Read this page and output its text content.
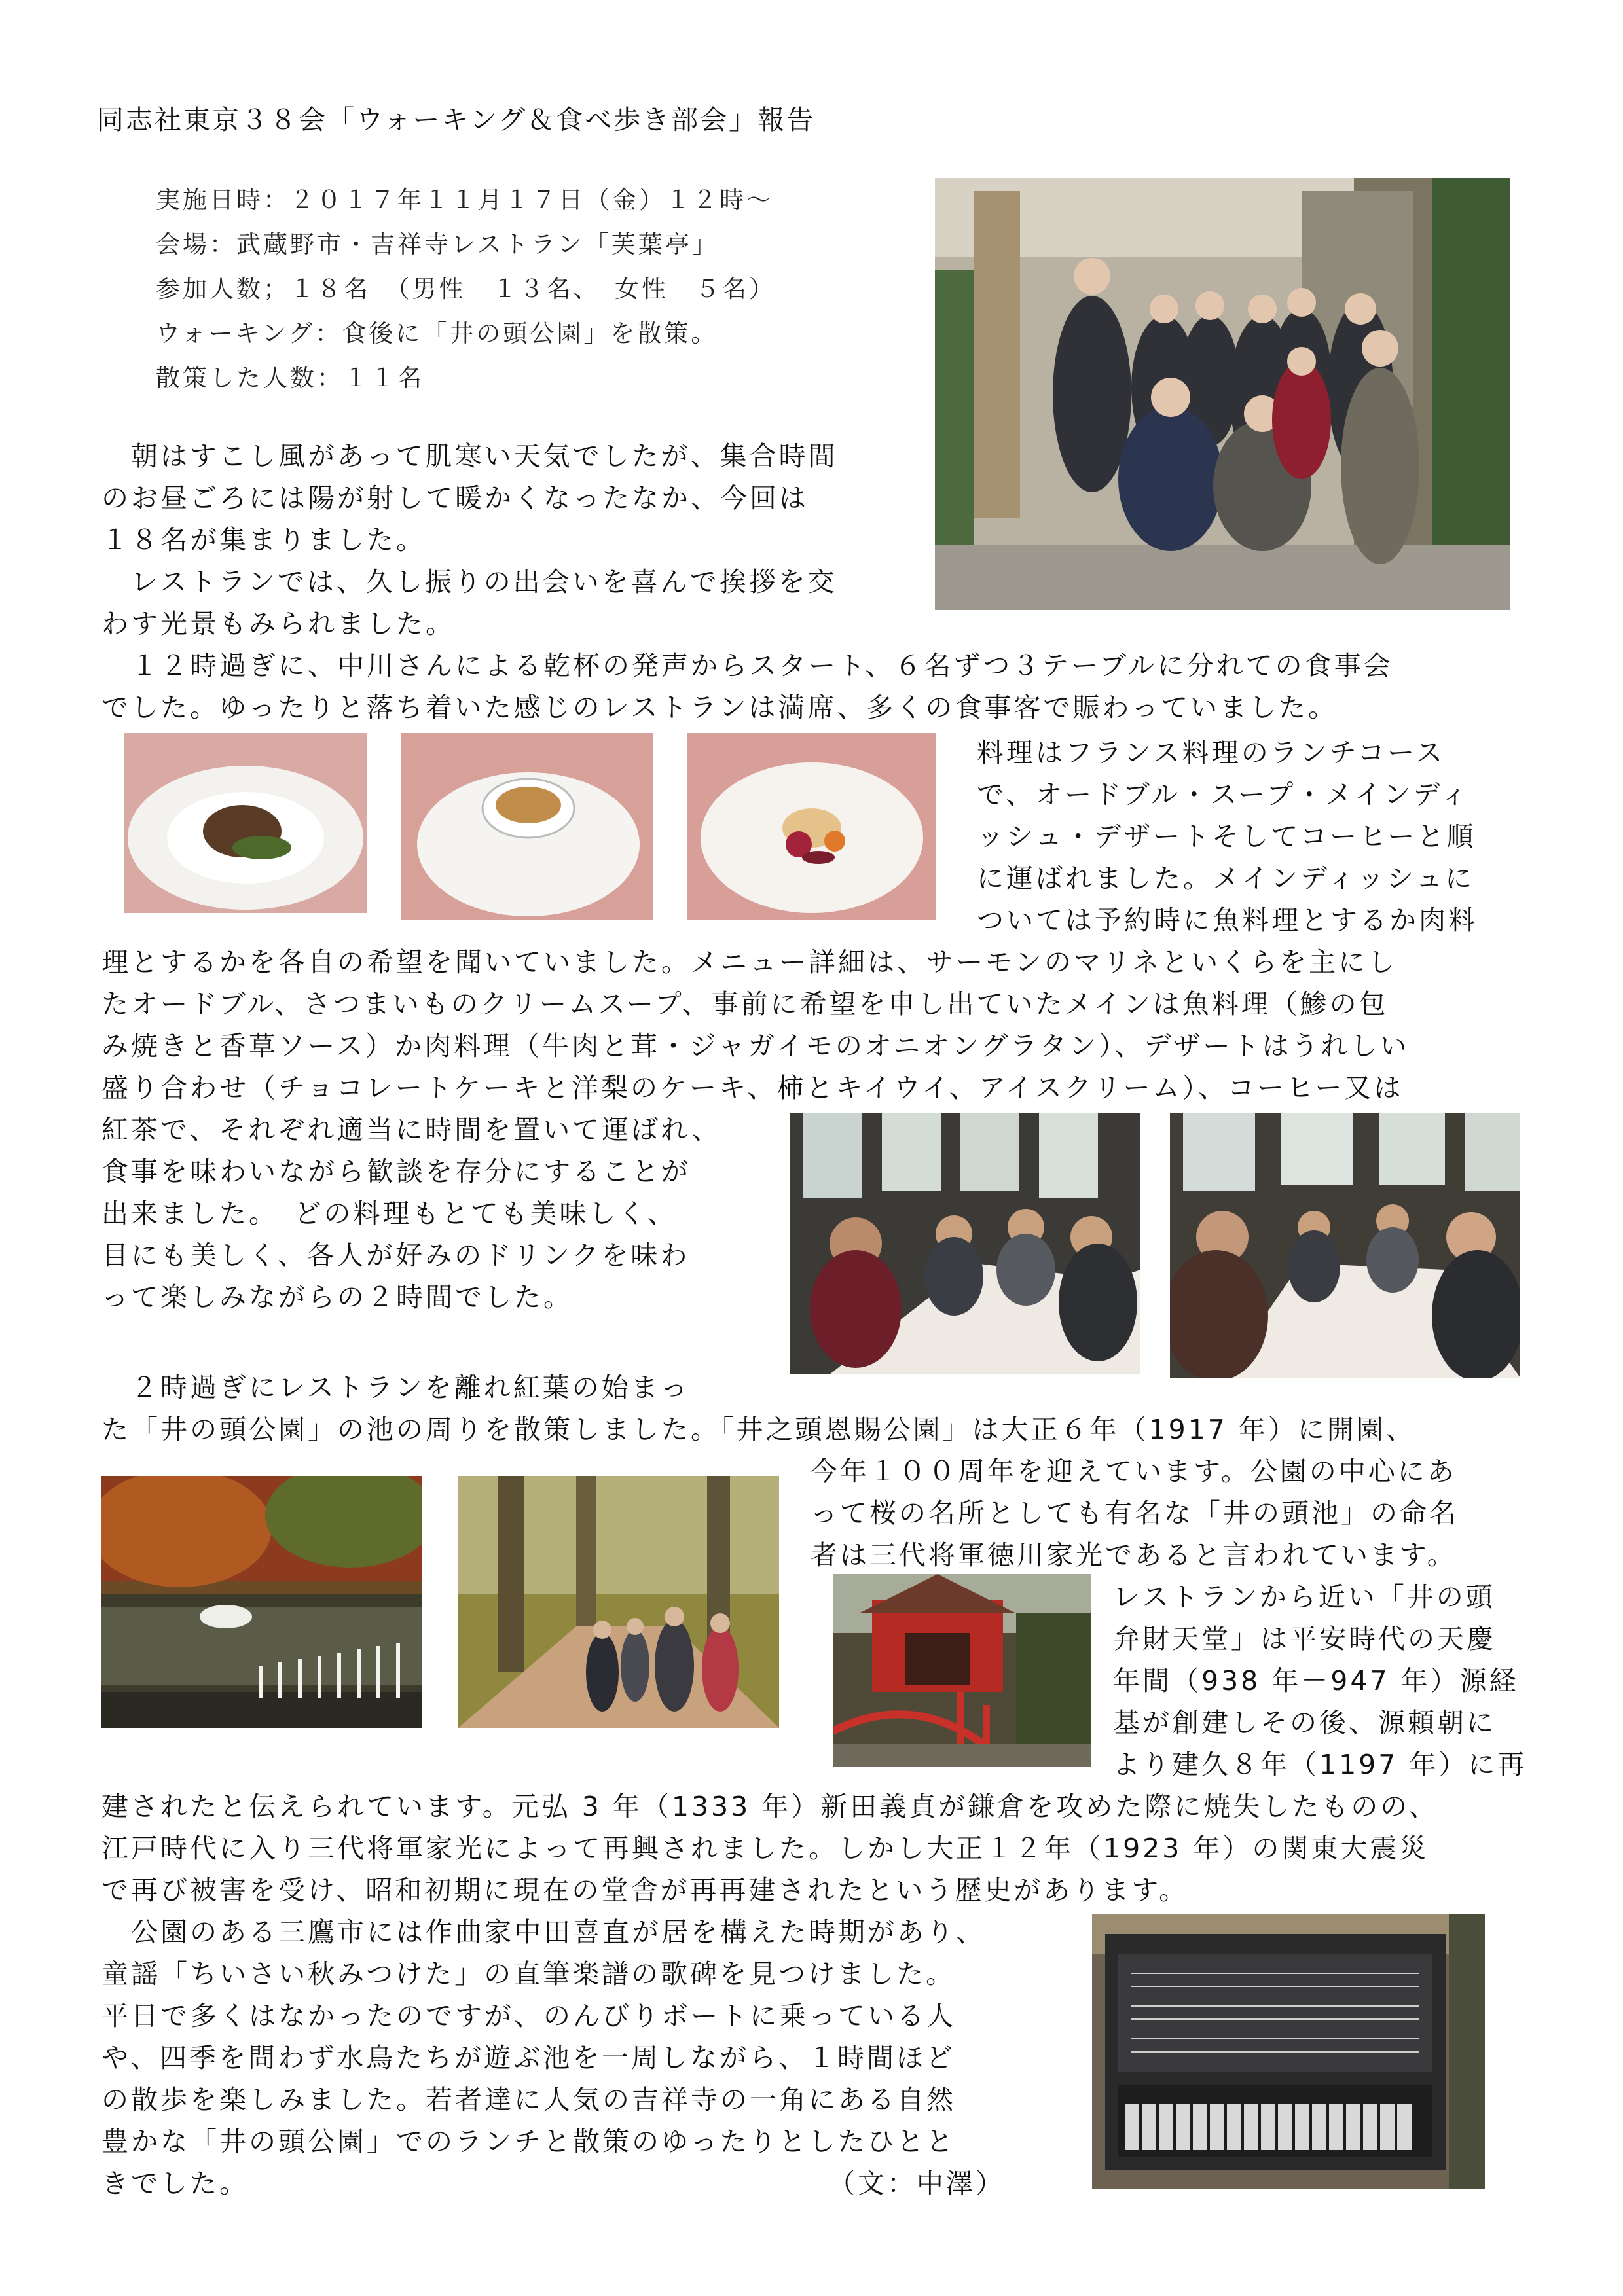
同志社東京３８会「ウォーキング＆食べ歩き部会」報告
実施日時：２０１７年１１月１７日（金）１２時～
会場：武蔵野市・吉祥寺レストラン「芙葉亭」
参加人数；１８名　（男性　１３名、　女性　５名）
ウォーキング：食後に「井の頭公園」を散策。
散策した人数：１１名
　朝はすこし風があって肌寒い天気でしたが、集合時間
のお昼ごろには陽が射して暖かくなったなか、今回は
１８名が集まりました。
　レストランでは、久し振りの出会いを喜んで挨拶を交
わす光景もみられました。
　１２時過ぎに、中川さんによる乾杯の発声からスタート、６名ずつ３テーブルに分れての食事会
でした。ゆったりと落ち着いた感じのレストランは満席、多くの食事客で賑わっていました。
料理はフランス料理のランチコース
で、オードブル・スープ・メインディ
ッシュ・デザートそしてコーヒーと順
に運ばれました。メインディッシュに
ついては予約時に魚料理とするか肉料
理とするかを各自の希望を聞いていました。メニュー詳細は、サーモンのマリネといくらを主にし
たオードブル、さつまいものクリームスープ、事前に希望を申し出ていたメインは魚料理（鯵の包
み焼きと香草ソース）か肉料理（牛肉と茸・ジャガイモのオニオングラタン）、デザートはうれしい
盛り合わせ（チョコレートケーキと洋梨のケーキ、柿とキイウイ、アイスクリーム）、コーヒー又は
紅茶で、それぞれ適当に時間を置いて運ばれ、
食事を味わいながら歓談を存分にすることが
出来ました。　どの料理もとても美味しく、
目にも美しく、各人が好みのドリンクを味わ
って楽しみながらの２時間でした。
　２時過ぎにレストランを離れ紅葉の始まっ
た「井の頭公園」の池の周りを散策しました。「井之頭恩賜公園」は大正６年（1917 年）に開園、
今年１００周年を迎えています。公園の中心にあ
って桜の名所としても有名な「井の頭池」の命名
者は三代将軍徳川家光であると言われています。
レストランから近い「井の頭
弁財天堂」は平安時代の天慶
年間（938 年－947 年）源経
基が創建しその後、源頼朝に
より建久８年（1197 年）に再
建されたと伝えられています。元弘 3 年（1333 年）新田義貞が鎌倉を攻めた際に焼失したものの、
江戸時代に入り三代将軍家光によって再興されました。しかし大正１２年（1923 年）の関東大震災
で再び被害を受け、昭和初期に現在の堂舎が再再建されたという歴史があります。
　公園のある三鷹市には作曲家中田喜直が居を構えた時期があり、
童謡「ちいさい秋みつけた」の直筆楽譜の歌碑を見つけました。
平日で多くはなかったのですが、のんびりボートに乗っている人
や、四季を問わず水鳥たちが遊ぶ池を一周しながら、１時間ほど
の散歩を楽しみました。若者達に人気の吉祥寺の一角にある自然
豊かな「井の頭公園」でのランチと散策のゆったりとしたひとと
きでした。	（文：中澤）
